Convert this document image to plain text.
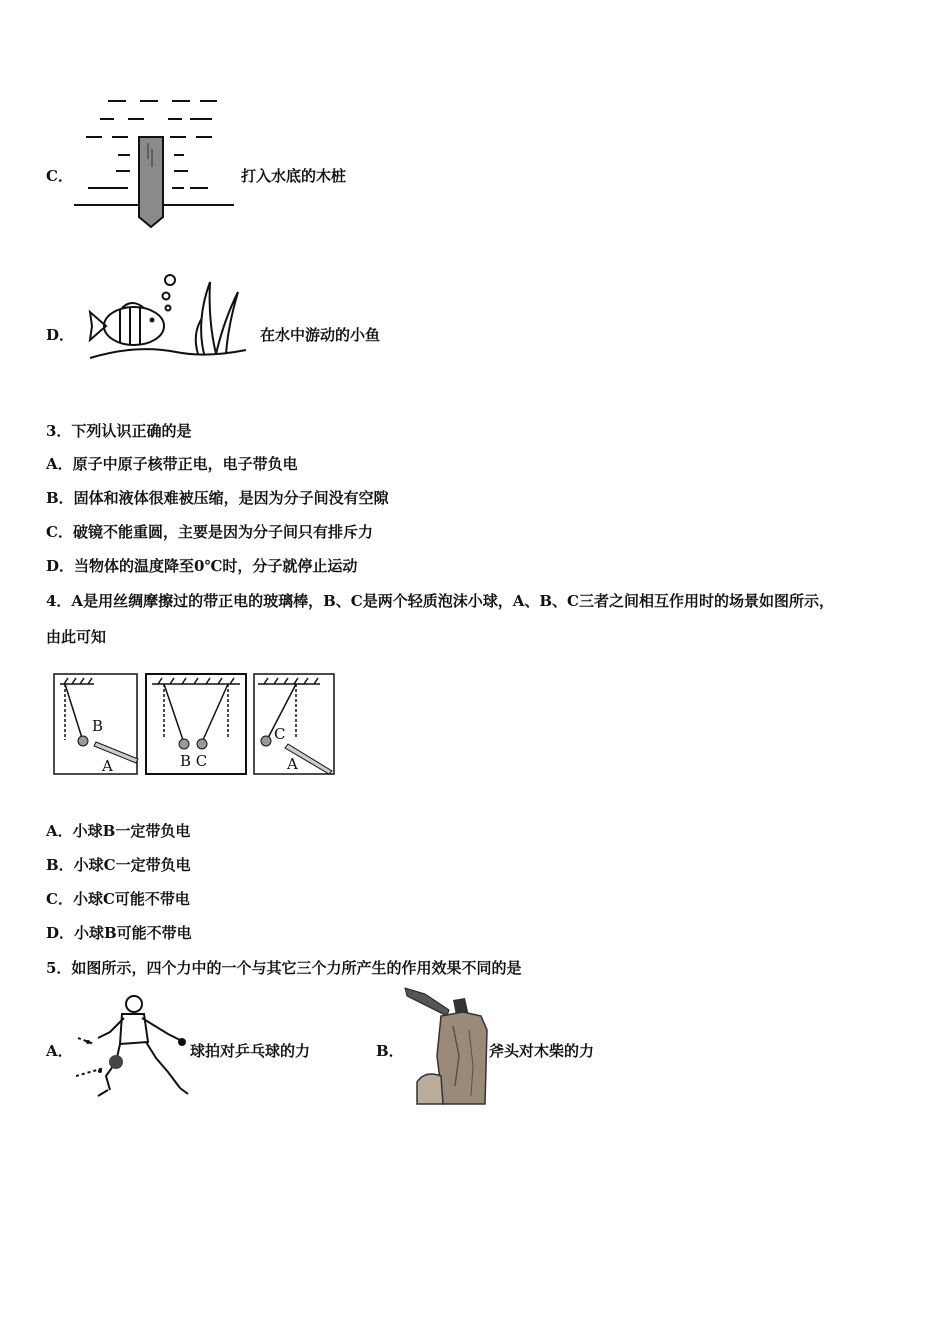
C．	打入水底的木桩
D．	在水中游动的小鱼
3．下列认识正确的是
A．原子中原子核带正电，电子带负电
B．固体和液体很难被压缩，是因为分子间没有空隙
C．破镜不能重圆，主要是因为分子间只有排斥力
D．当物体的温度降至0℃时，分子就停止运动
4．A是用丝绸摩擦过的带正电的玻璃棒，B、C是两个轻质泡沫小球，A、B、C三者之间相互作用时的场景如图所示，
由此可知
B
A	B C
C
A
A．小球B一定带负电
B．小球C一定带负电
C．小球C可能不带电
D．小球B可能不带电
5．如图所示，四个力中的一个与其它三个力所产生的作用效果不同的是
A．	球拍对乒乓球的力	B．	斧头对木柴的力
